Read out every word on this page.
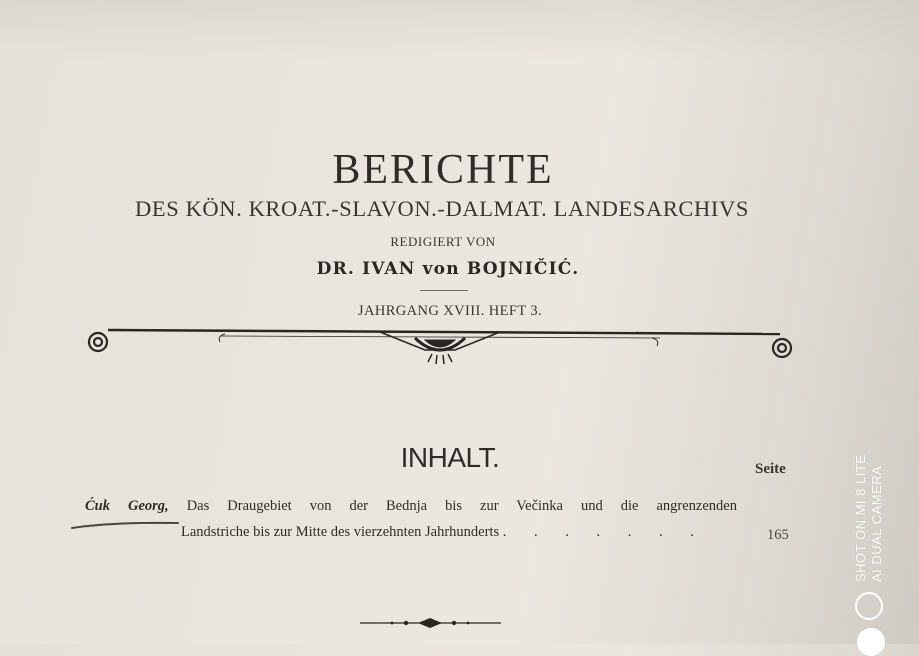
BERICHTE
DES KÖN. KROAT.-SLAVON.-DALMAT. LANDESARCHIVS
REDIGIERT VON
DR. IVAN von BOJNIČIĆ.
JAHRGANG XVIII. HEFT 3.
INHALT.	Seite
Ćuk Georg, Das Draugebiet von der Bednja bis zur Večinka und die angrenzenden
Landstriche bis zur Mitte des vierzehnten Jahrhunderts . . . . . . .	165	SHOT ON MI 8 LITE AI DUAL CAMERA
